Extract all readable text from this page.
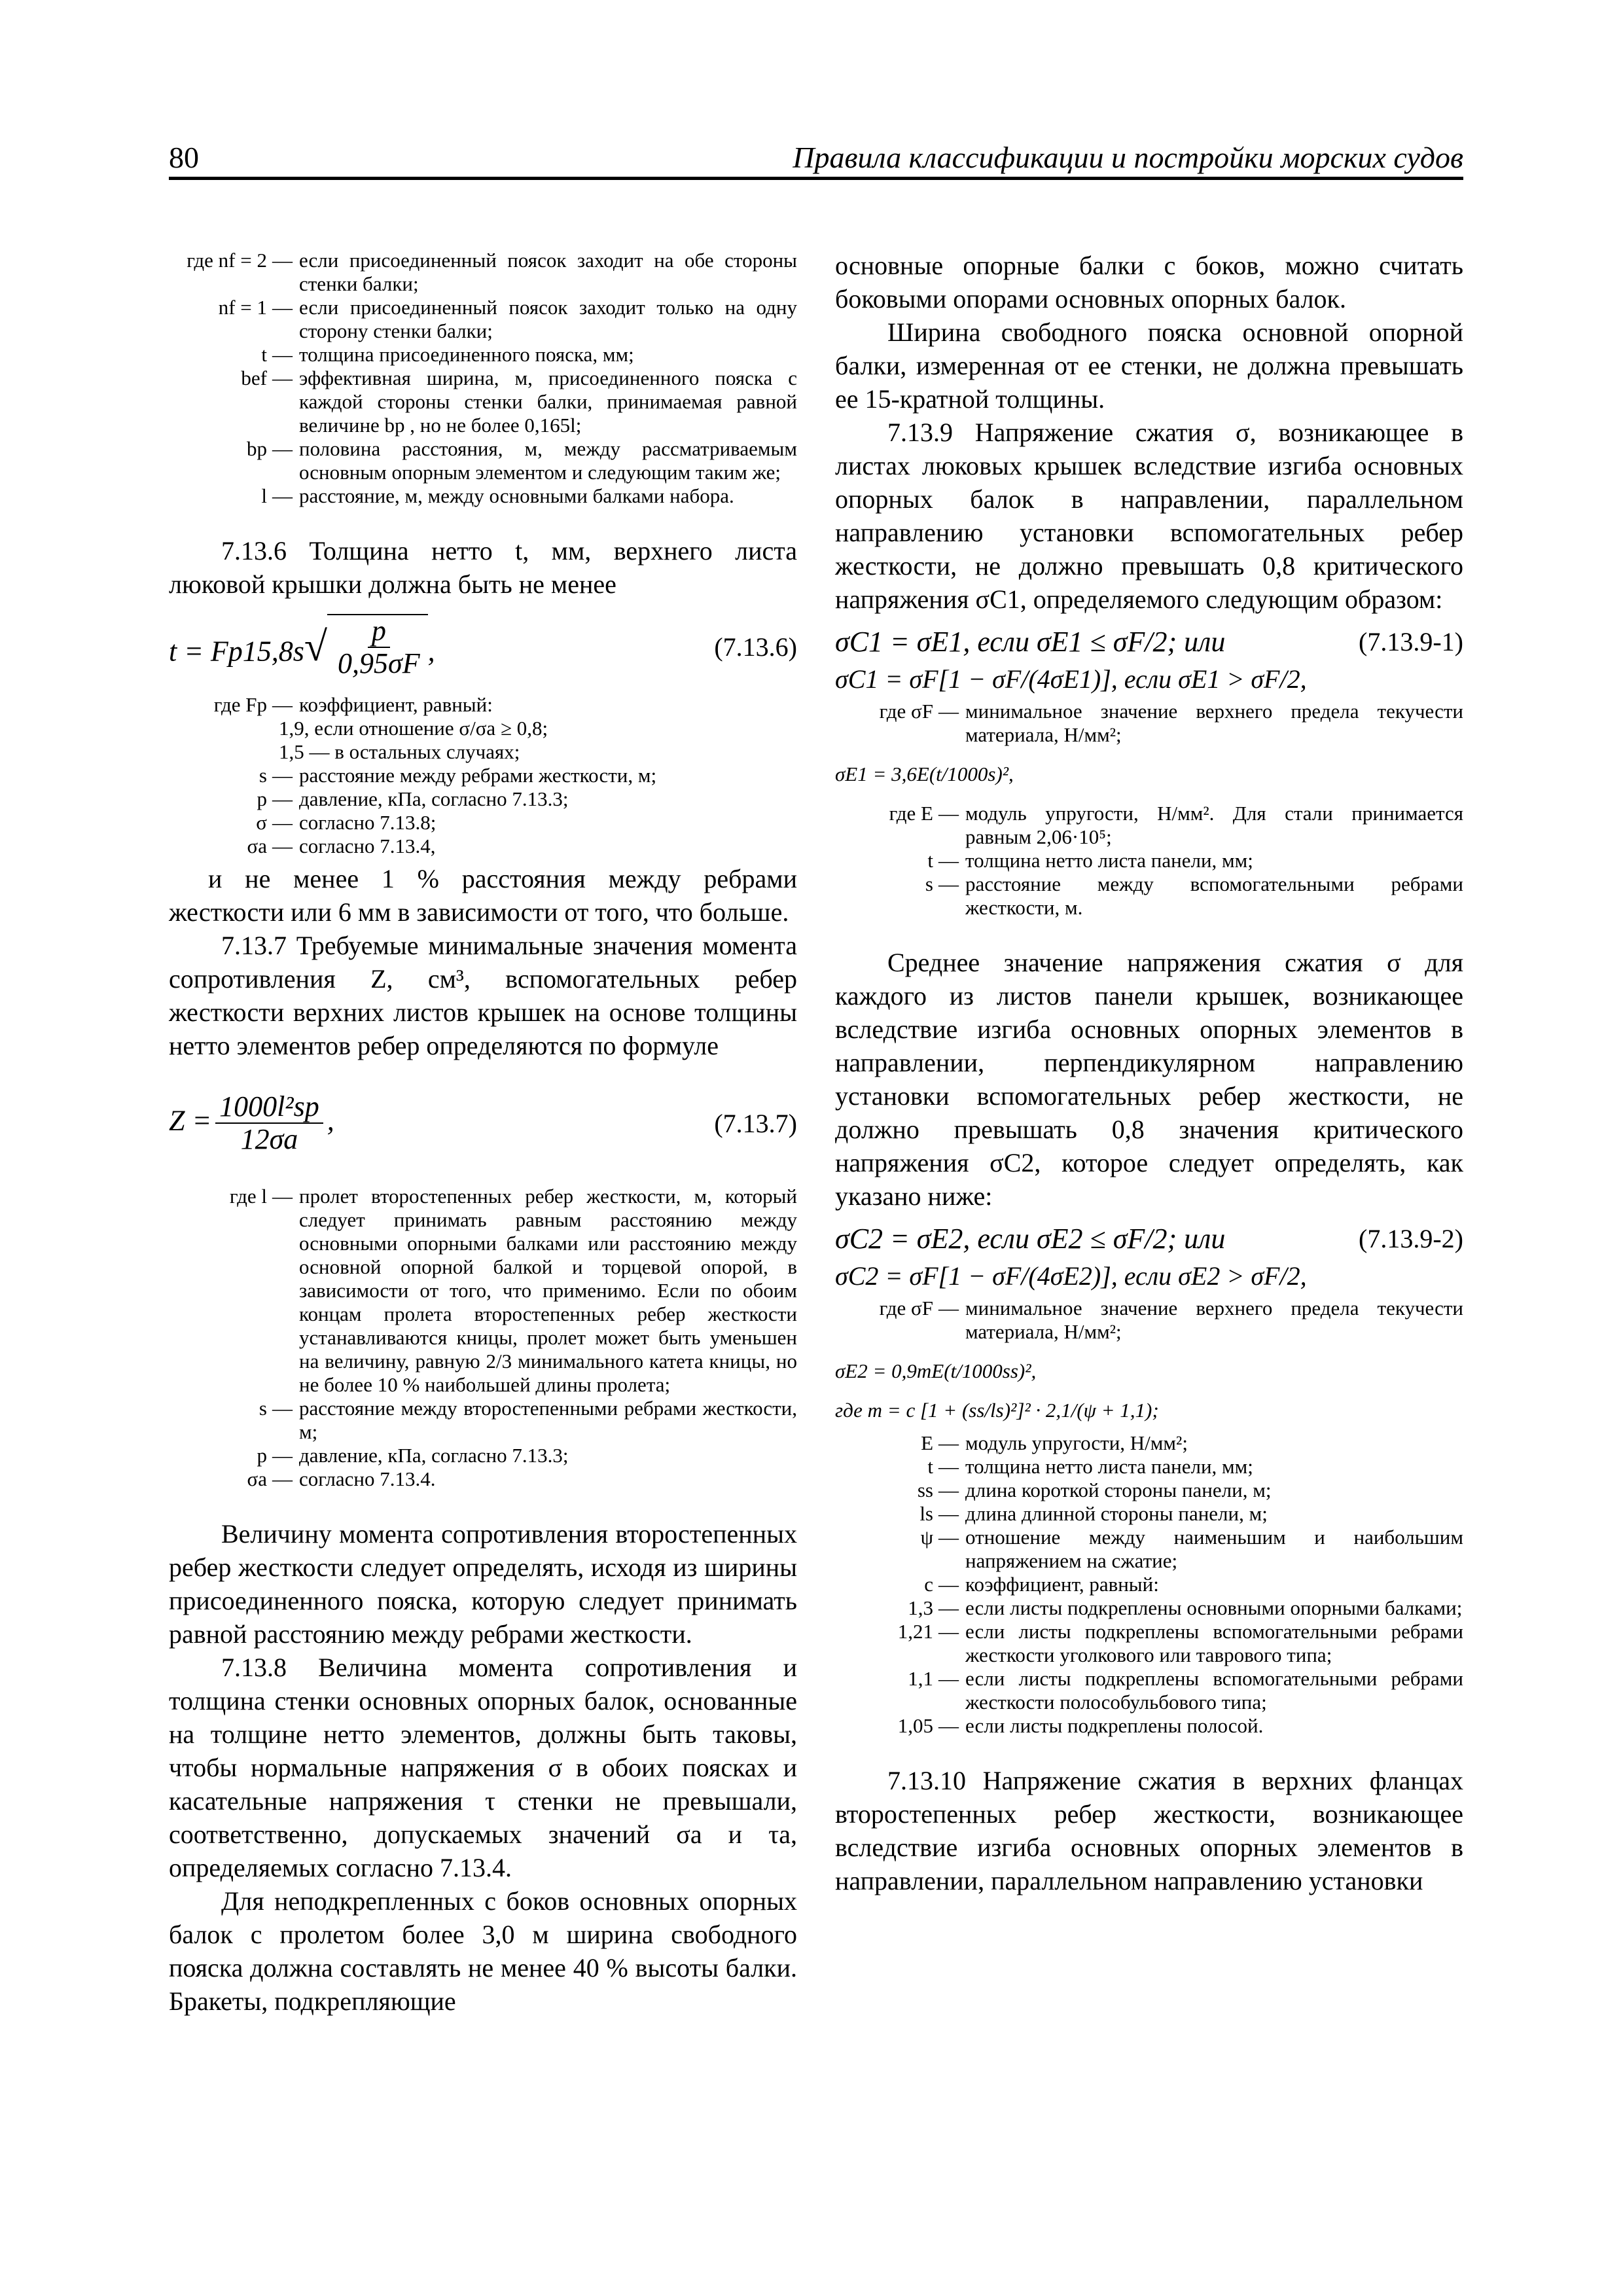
80	Правила классификации и постройки морских судов
где nf = 2 — если присоединенный поясок заходит на обе стороны стенки балки;
nf = 1 — если присоединенный поясок заходит только на одну сторону стенки балки;
t — толщина присоединенного пояска, мм;
bef — эффективная ширина, м, присоединенного пояска с каждой стороны стенки балки, принимаемая равной величине bp , но не более 0,165l;
bp — половина расстояния, м, между рассматриваемым основным опорным элементом и следующим таким же;
l — расстояние, м, между основными балками набора.

7.13.6 Толщина нетто t, мм, верхнего листа люковой крышки должна быть не менее

t = Fp15,8s √ $\frac{p}{0,95\sigma F}$ ,	(7.13.6)
где Fp — коэффициент, равный:
1,9, если отношение σ/σa ≥ 0,8;
1,5 — в остальных случаях;
s — расстояние между ребрами жесткости, м;
p — давление, кПа, согласно 7.13.3;
σ — согласно 7.13.8;
σa — согласно 7.13.4,

и не менее 1 % расстояния между ребрами жесткости или 6 мм в зависимости от того, что больше.

7.13.7 Требуемые минимальные значения момента сопротивления Z, см³, вспомогательных ребер жесткости верхних листов крышек на основе толщины нетто элементов ребер определяются по формуле

$Z = \frac{\text{1000l²sp}}{12\sigma a}$ ,	(7.13.7)
где l — пролет второстепенных ребер жесткости, м, который следует принимать равным расстоянию между основными опорными балками или расстоянию между основной опорной балкой и торцевой опорой, в зависимости от того, что применимо. Если по обоим концам пролета второстепенных ребер жесткости устанавливаются кницы, пролет может быть уменьшен на величину, равную 2/3 минимального катета кницы, но не более 10 % наибольшей длины пролета;
s — расстояние между второстепенными ребрами жесткости, м;
p — давление, кПа, согласно 7.13.3;
σa — согласно 7.13.4.

Величину момента сопротивления второстепенных ребер жесткости следует определять, исходя из ширины присоединенного пояска, которую следует принимать равной расстоянию между ребрами жесткости.

7.13.8 Величина момента сопротивления и толщина стенки основных опорных балок, основанные на толщине нетто элементов, должны быть таковы, чтобы нормальные напряжения σ в обоих поясках и касательные напряжения τ стенки не превышали, соответственно, допускаемых значений σa и τa, определяемых согласно 7.13.4.

Для неподкрепленных с боков основных опорных балок с пролетом более 3,0 м ширина свободного пояска должна составлять не менее 40 % высоты балки. Бракеты, подкрепляющие

основные опорные балки с боков, можно считать боковыми опорами основных опорных балок.

Ширина свободного пояска основной опорной балки, измеренная от ее стенки, не должна превышать ее 15-кратной толщины.

7.13.9 Напряжение сжатия σ, возникающее в листах люковых крышек вследствие изгиба основных опорных балок в направлении, параллельном направлению установки вспомогательных ребер жесткости, не должно превышать 0,8 критического напряжения σC1, определяемого следующим образом:

σC1 = σE1, если σE1 ≤ σF/2; или	(7.13.9-1)
σC1 = σF[1 − σF/(4σE1)], если σE1 > σF/2,
где σF — минимальное значение верхнего предела текучести материала, Н/мм²;
σE1 = 3,6E(t/1000s)²,
где E — модуль упругости, Н/мм². Для стали принимается равным 2,06·10⁵;
t — толщина нетто листа панели, мм;
s — расстояние между вспомогательными ребрами жесткости, м.

Среднее значение напряжения сжатия σ для каждого из листов панели крышек, возникающее вследствие изгиба основных опорных элементов в направлении, перпендикулярном направлению установки вспомогательных ребер жесткости, не должно превышать 0,8 значения критического напряжения σC2, которое следует определять, как указано ниже:

σC2 = σE2, если σE2 ≤ σF/2; или	(7.13.9-2)
σC2 = σF[1 − σF/(4σE2)], если σE2 > σF/2,
где σF — минимальное значение верхнего предела текучести материала, Н/мм²;
σE2 = 0,9mE(t/1000ss)²,
где m = c [1 + (ss/ls)²]² · 2,1/(ψ + 1,1);
E — модуль упругости, Н/мм²;
t — толщина нетто листа панели, мм;
ss — длина короткой стороны панели, м;
ls — длина длинной стороны панели, м;
ψ — отношение между наименьшим и наибольшим напряжением на сжатие;
c — коэффициент, равный:
1,3 — если листы подкреплены основными опорными балками;
1,21 — если листы подкреплены вспомогательными ребрами жесткости уголкового или таврового типа;
1,1 — если листы подкреплены вспомогательными ребрами жесткости полособульбового типа;
1,05 — если листы подкреплены полосой.

7.13.10 Напряжение сжатия в верхних фланцах второстепенных ребер жесткости, возникающее вследствие изгиба основных опорных элементов в направлении, параллельном направлению установки
